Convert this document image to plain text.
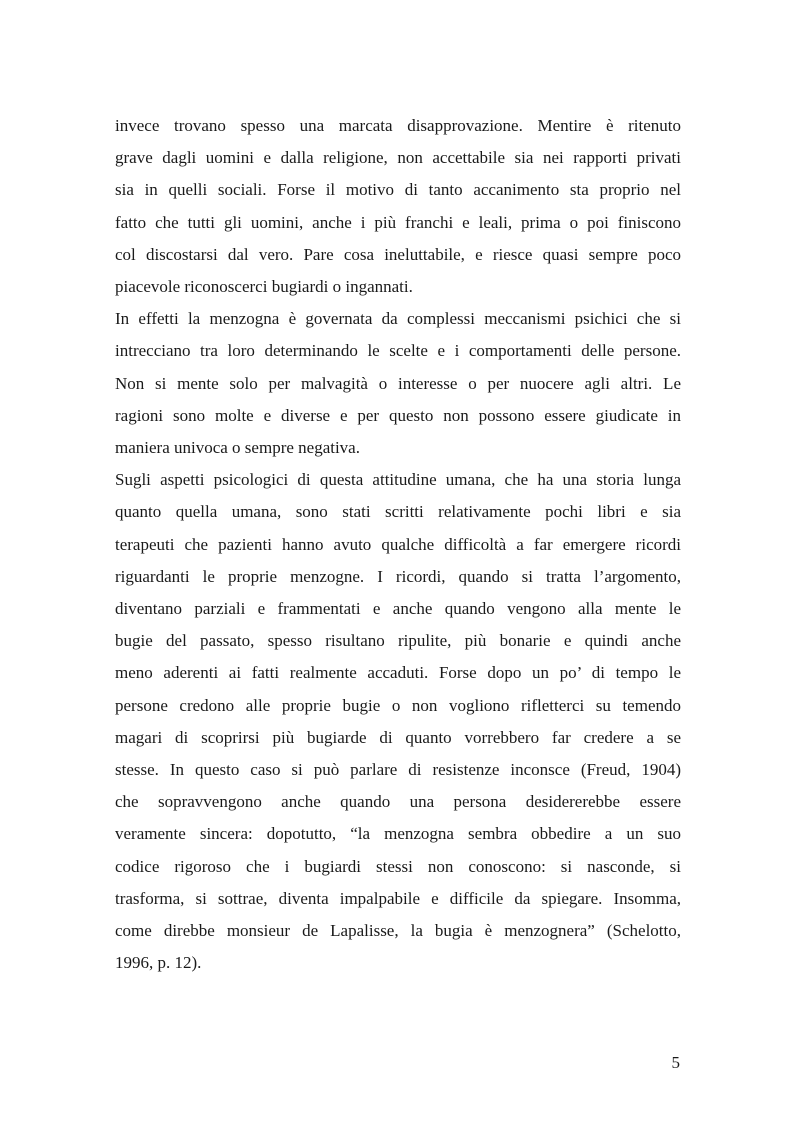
invece trovano spesso una marcata disapprovazione. Mentire è ritenuto
grave dagli uomini e dalla religione, non accettabile sia nei rapporti privati
sia in quelli sociali. Forse il motivo di tanto accanimento sta proprio nel
fatto che tutti gli uomini, anche i più franchi e leali, prima o poi finiscono
col discostarsi dal vero. Pare cosa ineluttabile, e riesce quasi sempre poco
piacevole riconoscerci bugiardi o ingannati.

In effetti la menzogna è governata da complessi meccanismi psichici che si
intrecciano tra loro determinando le scelte e i comportamenti delle persone.
Non si mente solo per malvagità o interesse o per nuocere agli altri. Le
ragioni sono molte e diverse e per questo non possono essere giudicate in
maniera univoca o sempre negativa.

Sugli aspetti psicologici di questa attitudine umana, che ha una storia lunga
quanto quella umana, sono stati scritti relativamente pochi libri e sia
terapeuti che pazienti hanno avuto qualche difficoltà a far emergere ricordi
riguardanti le proprie menzogne. I ricordi, quando si tratta l’argomento,
diventano parziali e frammentati e anche quando vengono alla mente le
bugie del passato, spesso risultano ripulite, più bonarie e quindi anche
meno aderenti ai fatti realmente accaduti. Forse dopo un po’ di tempo le
persone credono alle proprie bugie o non vogliono rifletterci su temendo
magari di scoprirsi più bugiarde di quanto vorrebbero far credere a se
stesse. In questo caso si può parlare di resistenze inconsce (Freud, 1904)
che sopravvengono anche quando una persona desidererebbe essere
veramente sincera: dopotutto, “la menzogna sembra obbedire a un suo
codice rigoroso che i bugiardi stessi non conoscono: si nasconde, si
trasforma, si sottrae, diventa impalpabile e difficile da spiegare. Insomma,
come direbbe monsieur de Lapalisse, la bugia è menzognera” (Schelotto,
1996, p. 12).

5
